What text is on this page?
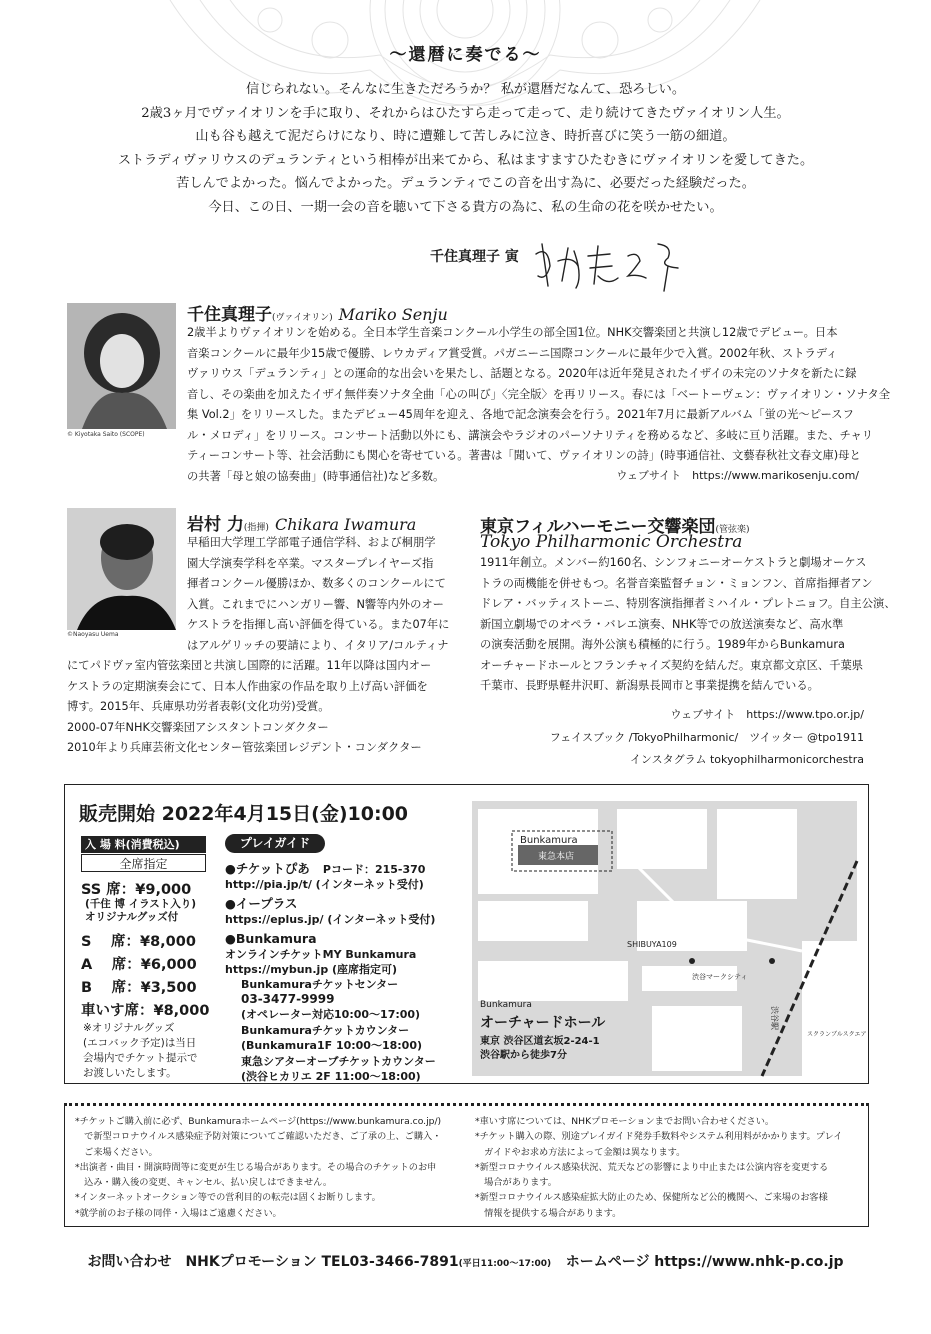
〜還暦に奏でる〜
信じられない。そんなに生きただろうか？ 私が還暦だなんて、恐ろしい。
2歳3ヶ月でヴァイオリンを手に取り、それからはひたすら走って走って、走り続けてきたヴァイオリン人生。
山も谷も越えて泥だらけになり、時に遭難して苦しみに泣き、時折喜びに笑う一筋の細道。
ストラディヴァリウスのデュランティという相棒が出来てから、私はますますひたむきにヴァイオリンを愛してきた。
苦しんでよかった。悩んでよかった。デュランティでこの音を出す為に、必要だった経験だった。
今日、この日、一期一会の音を聴いて下さる貴方の為に、私の生命の花を咲かせたい。
千住真理子 寅
© Kiyotaka Saito (SCOPE)
千住真理子(ヴァイオリン) Mariko Senju
2歳半よりヴァイオリンを始める。全日本学生音楽コンクール小学生の部全国1位。NHK交響楽団と共演し12歳でデビュー。日本
音楽コンクールに最年少15歳で優勝、レウカディア賞受賞。パガニーニ国際コンクールに最年少で入賞。2002年秋、ストラディ
ヴァリウス「デュランティ」との運命的な出会いを果たし、話題となる。2020年は近年発見されたイザイの未完のソナタを新たに録
音し、その楽曲を加えたイザイ無伴奏ソナタ全曲「心の叫び」〈完全版〉を再リリース。春には「ベートーヴェン：ヴァイオリン・ソナタ全
集 Vol.2」をリリースした。またデビュー45周年を迎え、各地で記念演奏会を行う。2021年7月に最新アルバム「蛍の光〜ピースフ
ル・メロディ」をリリース。コンサート活動以外にも、講演会やラジオのパーソナリティを務めるなど、多岐に亘り活躍。また、チャリ
ティーコンサート等、社会活動にも関心を寄せている。著書は「聞いて、ヴァイオリンの詩」(時事通信社、文藝春秋社文春文庫)母と
の共著「母と娘の協奏曲」(時事通信社)など多数。	ウェブサイト　https://www.marikosenju.com/
©Naoyasu Uema
岩村 力(指揮) Chikara Iwamura
早稲田大学理工学部電子通信学科、および桐朋学
園大学演奏学科を卒業。マスタープレイヤーズ指
揮者コンクール優勝ほか、数多くのコンクールにて
入賞。これまでにハンガリー響、N響等内外のオー
ケストラを指揮し高い評価を得ている。また07年に
はアルゲリッチの要請により、イタリア/コルティナ
にてパドヴァ室内管弦楽団と共演し国際的に活躍。11年以降は国内オー
ケストラの定期演奏会にて、日本人作曲家の作品を取り上げ高い評価を
博す。2015年、兵庫県功労者表彰(文化功労)受賞。
2000-07年NHK交響楽団アシスタントコンダクター
2010年より兵庫芸術文化センター管弦楽団レジデント・コンダクター
東京フィルハーモニー交響楽団(管弦楽)
Tokyo Philharmonic Orchestra
1911年創立。メンバー約160名、シンフォニーオーケストラと劇場オーケス
トラの両機能を併せもつ。名誉音楽監督チョン・ミョンフン、首席指揮者アン
ドレア・バッティストーニ、特別客演指揮者ミハイル・プレトニョフ。自主公演、
新国立劇場でのオペラ・バレエ演奏、NHK等での放送演奏など、高水準
の演奏活動を展開。海外公演も積極的に行う。1989年からBunkamura
オーチャードホールとフランチャイズ契約を結んだ。東京都文京区、千葉県
千葉市、長野県軽井沢町、新潟県長岡市と事業提携を結んでいる。
ウェブサイト　https://www.tpo.or.jp/
フェイスブック /TokyoPhilharmonic/　ツイッター @tpo1911
インスタグラム tokyophilharmonicorchestra
販売開始 2022年4月15日(金)10:00
入 場 料(消費税込)
全席指定
SS 席：¥9,000
(千住 博 イラスト入り)
オリジナルグッズ付
S　 席：¥8,000
A　 席：¥6,000
B　 席：¥3,500
車いす席：¥8,000
※オリジナルグッズ
(エコバック予定)は当日
会場内でチケット提示で
お渡しいたします。
プレイガイド
●チケットぴあ Pコード：215-370
http://pia.jp/t/ (インターネット受付)
●イープラス
https://eplus.jp/ (インターネット受付)
●Bunkamura
オンラインチケットMY Bunkamura
https://mybun.jp (座席指定可)
Bunkamuraチケットセンター
03-3477-9999
(オペレーター対応10:00〜17:00)
Bunkamuraチケットカウンター
(Bunkamura1F 10:00〜18:00)
東急シアターオーブチケットカウンター
(渋谷ヒカリエ 2F 11:00〜18:00)
Bunkamura
東急本店
SHIBUYA109
渋谷マークシティ
渋谷駅
スクランブルスクエア
Bunkamura
オーチャードホール
東京 渋谷区道玄坂2-24-1
渋谷駅から徒歩7分
*チケットご購入前に必ず、Bunkamuraホームページ(https://www.bunkamura.co.jp/)
　で新型コロナウイルス感染症予防対策についてご確認いただき、ご了承の上、ご購入・
　ご来場ください。
*出演者・曲目・開演時間等に変更が生じる場合があります。その場合のチケットのお申
　込み・購入後の変更、キャンセル、払い戻しはできません。
*インターネットオークション等での営利目的の転売は固くお断りします。
*就学前のお子様の同伴・入場はご遠慮ください。
*車いす席については、NHKプロモーションまでお問い合わせください。
*チケット購入の際、別途プレイガイド発券手数料やシステム利用料がかかります。プレイ
　ガイドやお求め方法によって金額は異なります。
*新型コロナウイルス感染状況、荒天などの影響により中止または公演内容を変更する
　場合があります。
*新型コロナウイルス感染症拡大防止のため、保健所など公的機関へ、ご来場のお客様
　情報を提供する場合があります。
お問い合わせ　NHKプロモーション TEL03-3466-7891(平日11:00〜17:00) ホームページ https://www.nhk-p.co.jp
